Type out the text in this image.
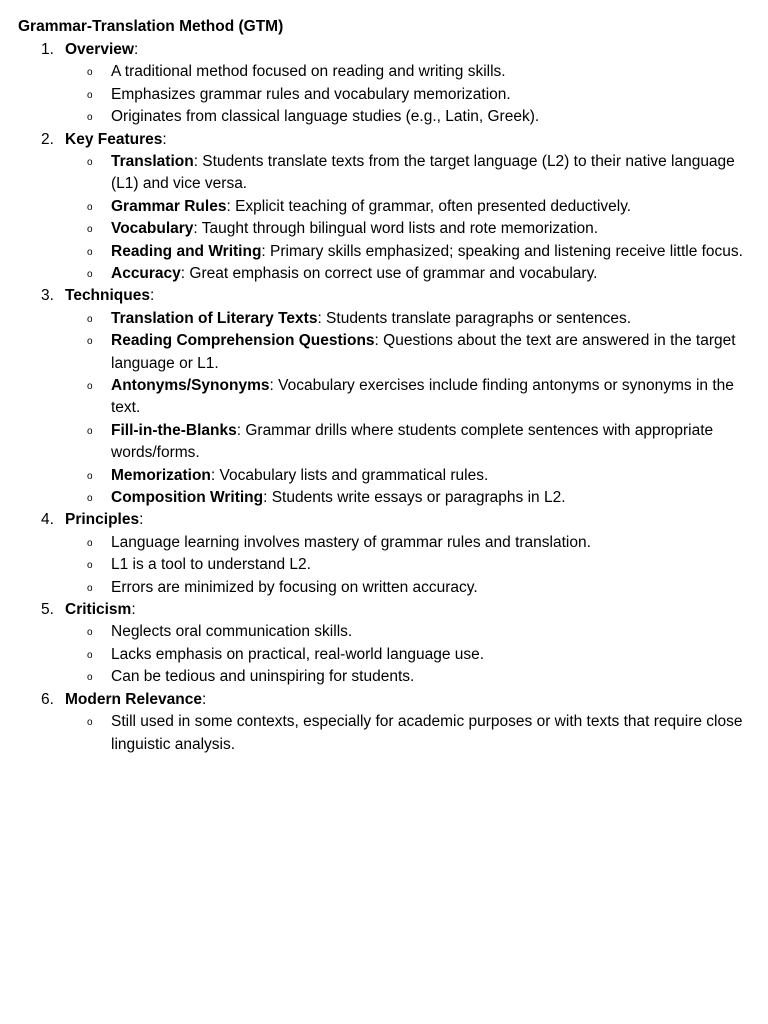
Grammar-Translation Method (GTM)
1. Overview:
o A traditional method focused on reading and writing skills.
o Emphasizes grammar rules and vocabulary memorization.
o Originates from classical language studies (e.g., Latin, Greek).
2. Key Features:
o Translation: Students translate texts from the target language (L2) to their native language (L1) and vice versa.
o Grammar Rules: Explicit teaching of grammar, often presented deductively.
o Vocabulary: Taught through bilingual word lists and rote memorization.
o Reading and Writing: Primary skills emphasized; speaking and listening receive little focus.
o Accuracy: Great emphasis on correct use of grammar and vocabulary.
3. Techniques:
o Translation of Literary Texts: Students translate paragraphs or sentences.
o Reading Comprehension Questions: Questions about the text are answered in the target language or L1.
o Antonyms/Synonyms: Vocabulary exercises include finding antonyms or synonyms in the text.
o Fill-in-the-Blanks: Grammar drills where students complete sentences with appropriate words/forms.
o Memorization: Vocabulary lists and grammatical rules.
o Composition Writing: Students write essays or paragraphs in L2.
4. Principles:
o Language learning involves mastery of grammar rules and translation.
o L1 is a tool to understand L2.
o Errors are minimized by focusing on written accuracy.
5. Criticism:
o Neglects oral communication skills.
o Lacks emphasis on practical, real-world language use.
o Can be tedious and uninspiring for students.
6. Modern Relevance:
o Still used in some contexts, especially for academic purposes or with texts that require close linguistic analysis.
